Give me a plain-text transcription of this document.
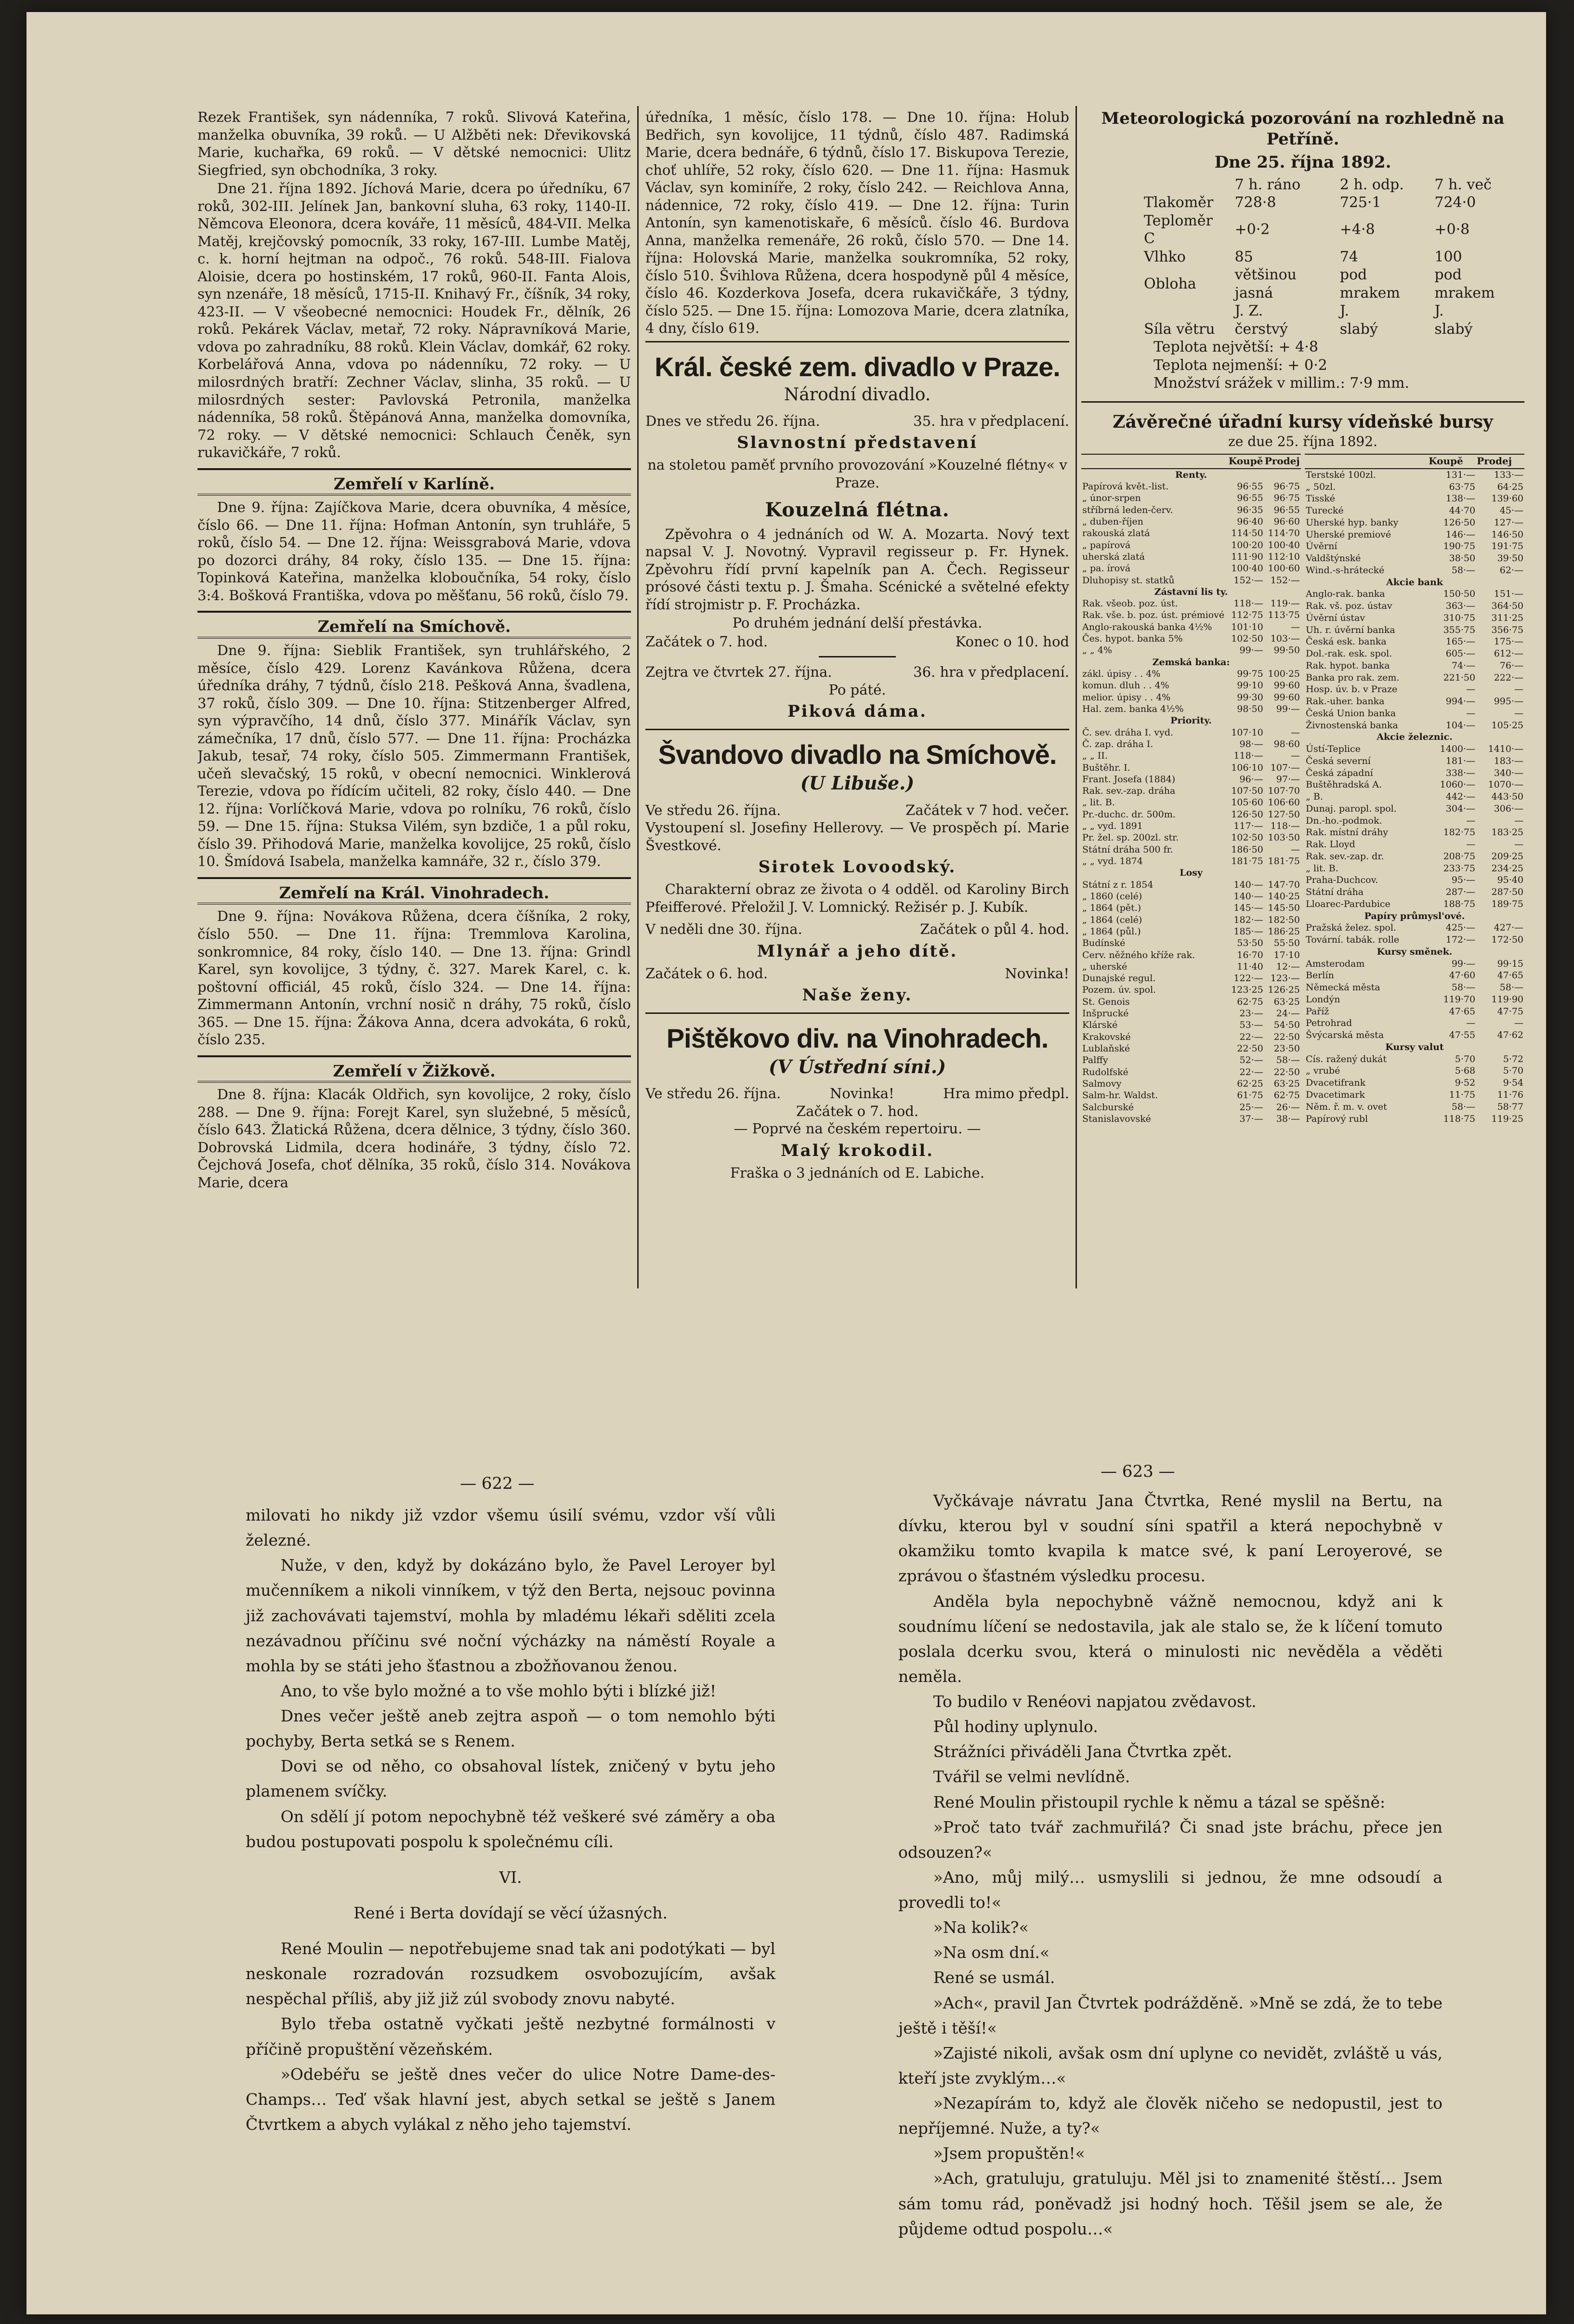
Rezek František, syn nádenníka, 7 roků. Slivová Kateřina, manželka obuvníka, 39 roků. — U Alžběti nek: Dřevikovská Marie, kuchařka, 69 roků. — V dětské nemocnici: Ulitz Siegfried, syn obchodníka, 3 roky.

Dne 21. října 1892. Jíchová Marie, dcera po úředníku, 67 roků, 302-III. Jelínek Jan, bankovní sluha, 63 roky, 1140-II. Němcova Eleonora, dcera kováře, 11 měsíců, 484-VII. Melka Matěj, krejčovský pomocník, 33 roky, 167-III. Lumbe Matěj, c. k. horní hejtman na odpoč., 76 roků. 548-III. Fialova Aloisie, dcera po hostinském, 17 roků, 960-II. Fanta Alois, syn nzenáře, 18 měsíců, 1715-II. Knihavý Fr., číšník, 34 roky, 423-II. — V všeobecné nemocnici: Houdek Fr., dělník, 26 roků. Pekárek Václav, metař, 72 roky. Nápravníková Marie, vdova po zahradníku, 88 roků. Klein Václav, domkář, 62 roky. Korbelářová Anna, vdova po nádenníku, 72 roky. — U milosrdných bratří: Zechner Václav, slinha, 35 roků. — U milosrdných sester: Pavlovská Petronila, manželka nádenníka, 58 roků. Štěpánová Anna, manželka domovníka, 72 roky. — V dětské nemocnici: Schlauch Čeněk, syn rukavičkáře, 7 roků.

Zemřelí v Karlíně.

Dne 9. října: Zajíčkova Marie, dcera obuvníka, 4 měsíce, číslo 66. — Dne 11. října: Hofman Antonín, syn truhláře, 5 roků, číslo 54. — Dne 12. října: Weissgrabová Marie, vdova po dozorci dráhy, 84 roky, číslo 135. — Dne 15. října: Topinková Kateřina, manželka kloboučníka, 54 roky, číslo 3:4. Bošková Františka, vdova po měšťanu, 56 roků, číslo 79.

Zemřelí na Smíchově.

Dne 9. října: Sieblik František, syn truhlářského, 2 měsíce, číslo 429. Lorenz Kavánkova Růžena, dcera úředníka dráhy, 7 týdnů, číslo 218. Pešková Anna, švadlena, 37 roků, číslo 309. — Dne 10. října: Stitzenberger Alfred, syn výpravčího, 14 dnů, číslo 377. Minářík Václav, syn zámečníka, 17 dnů, číslo 577. — Dne 11. října: Procházka Jakub, tesař, 74 roky, číslo 505. Zimmermann František, učeň slevačský, 15 roků, v obecní nemocnici. Winklerová Terezie, vdova po řídícím učiteli, 82 roky, číslo 440. — Dne 12. října: Vorlíčková Marie, vdova po rolníku, 76 roků, číslo 59. — Dne 15. října: Stuksa Vilém, syn bzdiče, 1 a půl roku, číslo 39. Přihodová Marie, manželka kovolijce, 25 roků, číslo 10. Šmídová Isabela, manželka kamnáře, 32 r., číslo 379.

Zemřelí na Král. Vinohradech.

Dne 9. října: Novákova Růžena, dcera číšníka, 2 roky, číslo 550. — Dne 11. října: Tremmlova Karolina, sonkromnice, 84 roky, číslo 140. — Dne 13. října: Grindl Karel, syn kovolijce, 3 týdny, č. 327. Marek Karel, c. k. poštovní officiál, 45 roků, číslo 324. — Dne 14. října: Zimmermann Antonín, vrchní nosič n dráhy, 75 roků, číslo 365. — Dne 15. října: Žákova Anna, dcera advokáta, 6 roků, číslo 235.

Zemřelí v Žižkově.

Dne 8. října: Klacák Oldřich, syn kovolijce, 2 roky, číslo 288. — Dne 9. října: Forejt Karel, syn služebné, 5 měsíců, číslo 643. Žlatická Růžena, dcera dělnice, 3 týdny, číslo 360. Dobrovská Lidmila, dcera hodináře, 3 týdny, číslo 72. Čejchová Josefa, choť dělníka, 35 roků, číslo 314. Novákova Marie, dcera

úředníka, 1 měsíc, číslo 178. — Dne 10. října: Holub Bedřich, syn kovolijce, 11 týdnů, číslo 487. Radimská Marie, dcera bednáře, 6 týdnů, číslo 17. Biskupova Terezie, choť uhlíře, 52 roky, číslo 620. — Dne 11. října: Hasmuk Václav, syn kominíře, 2 roky, číslo 242. — Reichlova Anna, nádennice, 72 roky, číslo 419. — Dne 12. října: Turin Antonín, syn kamenotiskaře, 6 měsíců. číslo 46. Burdova Anna, manželka remenáře, 26 roků, číslo 570. — Dne 14. října: Holovská Marie, manželka soukromníka, 52 roky, číslo 510. Švihlova Růžena, dcera hospodyně půl 4 měsíce, číslo 46. Kozderkova Josefa, dcera rukavičkáře, 3 týdny, číslo 525. — Dne 15. října: Lomozova Marie, dcera zlatníka, 4 dny, číslo 619.

Král. české zem. divadlo v Praze.
Národní divadlo.
Dnes ve středu 26. října.	35. hra v předplacení.
Slavnostní představení

na stoletou paměť prvního provozování »Kouzelné flétny« v Praze.

Kouzelná flétna.

Zpěvohra o 4 jednáních od W. A. Mozarta. Nový text napsal V. J. Novotný. Vypravil regisseur p. Fr. Hynek. Zpěvohru řídí první kapelník pan A. Čech. Regisseur prósové části textu p. J. Šmaha. Scénické a světelné efekty řídí strojmistr p. F. Procházka.

Po druhém jednání delší přestávka.

Začátek o 7. hod.	Konec o 10. hod
Zejtra ve čtvrtek 27. října.	36. hra v předplacení.
Po páté.
Piková dáma.
Švandovo divadlo na Smíchově.
(U Libuše.)
Ve středu 26. října.	Začátek v 7 hod. večer.

Vystoupení sl. Josefiny Hellerovy. — Ve prospěch pí. Marie Švestkové.

Sirotek Lovoodský.

Charakterní obraz ze života o 4 odděl. od Karoliny Birch Pfeifferové. Přeložil J. V. Lomnický. Režisér p. J. Kubík.

V neděli dne 30. října.	Začátek o půl 4. hod.
Mlynář a jeho dítě.
Začátek o 6. hod.	Novinka!
Naše ženy.
Pištěkovo div. na Vinohradech.
(V Ústřední síni.)
Ve středu 26. října.	Novinka!	Hra mimo předpl.
Začátek o 7. hod.
— Poprvé na českém repertoiru. —
Malý krokodil.
Fraška o 3 jednáních od E. Labiche.
Meteorologická pozorování na rozhledně na Petříně.
Dne 25. října 1892.
	7 h. ráno	2 h. odp.	7 h. več
Tlakoměr	728·8	725·1	724·0
Teploměr C	+0·2	+4·8	+0·8
Vlhko	85	74	100
Obloha	většinou jasná	pod mrakem	pod mrakem
	J. Z.	J.	J.
Síla větru	čerstvý	slabý	slabý
Teplota největší: + 4·8
Teplota nejmenší: + 0·2
Množství srážek v millim.: 7·9 mm.
Závěrečné úřadní kursy vídeňské bursy
ze due 25. října 1892.
	Koupě	Prodej
Renty.		
Papírová květ.-list.	96·55	96·75
„ únor-srpen	96·55	96·75
stříbrná leden-červ.	96·35	96·55
„ duben-říjen	96·40	96·60
rakouská zlatá	114·50	114·70
„ papírová	100·20	100·40
uherská zlatá	111·90	112·10
„ pa. írová	100·40	100·60
Dluhopisy st. statků	152·—	152·—
Zástavní lis ty.		
Rak. všeob. poz. úst.	118·—	119·—
Rak. vše. b. poz. úst. prémiové	112·75	113·75
Anglo-rakouská banka 4½%	101·10	—
Čes. hypot. banka 5%	102·50	103·—
„ „ 4%	99·—	99·50
Zemská banka:		
zákl. úpisy . . 4%	99·75	100·25
komun. dluh . . 4%	99·10	99·60
melior. úpisy . . 4%	99·30	99·60
Hal. zem. banka 4½%	98·50	99·—
Priority.		
Č. sev. dráha I. vyd.	107·10	—
Č. zap. dráha I.	98·—	98·60
„ „ II.	118·—	—
Buštěhr. I.	106·10	107·—
Frant. Josefa (1884)	96·—	97·—
Rak. sev.-zap. dráha	107·50	107·70
„ lit. B.	105·60	106·60
Pr.-duchc. dr. 500m.	126·50	127·50
„ „ vyd. 1891	117·—	118·—
Pr. žel. sp. 200zl. str.	102·50	103·50
Státní dráha 500 fr.	186·50	—
„ „ vyd. 1874	181·75	181·75
Losy		
Státní z r. 1854	140·—	147·70
„ 1860 (celé)	140·—	140·25
„ 1864 (pět.)	145·—	145·50
„ 1864 (celé)	182·—	182·50
„ 1864 (půl.)	185·—	186·25
Budínské	53·50	55·50
Cerv. něžného kříže rak.	16·70	17·10
„ uherské	11·40	12·—
Dunajské regul.	122·—	123·—
Pozem. úv. spol.	123·25	126·25
St. Genois	62·75	63·25
Inšprucké	23·—	24·—
Klárské	53·—	54·50
Krakovské	22·—	22·50
Lublaňské	22·50	23·50
Palffy	52·—	58·—
Rudolfské	22·—	22·50
Salmovy	62·25	63·25
Salm-hr. Waldst.	61·75	62·75
Salcburské	25·—	26·—
Stanislavovské	37·—	38·—
	Koupě	Prodej
Terstské 100zl.	131·—	133·—
„ 50zl.	63·75	64·25
Tisské	138·—	139·60
Turecké	44·70	45·—
Uherské hyp. banky	126·50	127·—
Uherské premiové	146·—	146·50
Úvěrní	190·75	191·75
Valdštýnské	38·50	39·50
Wind.-s-hrátecké	58·—	62·—
Akcie bank		
Anglo-rak. banka	150·50	151·—
Rak. vš. poz. ústav	363·—	364·50
Úvěrní ústav	310·75	311·25
Uh. r. úvěrní banka	355·75	356·75
Česká esk. banka	165·—	175·—
Dol.-rak. esk. spol.	605·—	612·—
Rak. hypot. banka	74·—	76·—
Banka pro rak. zem.	221·50	222·—
Hosp. úv. b. v Praze	—	—
Rak.-uher. banka	994·—	995·—
Česká Union banka	—	—
Živnostenská banka	104·—	105·25
Akcie železnic.		
Ústí-Teplice	1400·—	1410·—
Česká severní	181·—	183·—
Česká západní	338·—	340·—
Buštěhradská A.	1060·—	1070·—
„ B.	442·—	443·50
Dunaj. paropl. spol.	304·—	306·—
Dn.-ho.-podmok.	—	—
Rak. místní dráhy	182·75	183·25
Rak. Lloyd	—	—
Rak. sev.-zap. dr.	208·75	209·25
„ lit. B.	233·75	234·25
Praha-Duchcov.	95·—	95·40
Státní dráha	287·—	287·50
Lloarec-Pardubice	188·75	189·75
Papíry průmysl'ové.		
Pražská želez. spol.	425·—	427·—
Tovární. tabák. rolle	172·—	172·50
Kursy směnek.		
Amsterodam	99·—	99·15
Berlín	47·60	47·65
Německá města	58·—	58·—
Londýn	119·70	119·90
Paříž	47·65	47·75
Petrohrad	—	—
Švýcarská města	47·55	47·62
Kursy valut		
Cís. ražený dukát	5·70	5·72
„ vrubé	5·68	5·70
Dvacetifrank	9·52	9·54
Dvacetimark	11·75	11·76
Něm. ř. m. v. ovet	58·—	58·77
Papírový rubl	118·75	119·25
— 622 —
— 623 —

milovati ho nikdy již vzdor všemu úsilí svému, vzdor vší vůli železné.

Nuže, v den, když by dokázáno bylo, že Pavel Leroyer byl mučenníkem a nikoli vinníkem, v týž den Berta, nejsouc povinna již zachovávati tajemství, mohla by mladému lékaři sděliti zcela nezávadnou příčinu své noční výcházky na náměstí Royale a mohla by se státi jeho šťastnou a zbožňovanou ženou.

Ano, to vše bylo možné a to vše mohlo býti i blízké již!

Dnes večer ještě aneb zejtra aspoň — o tom nemohlo býti pochyby, Berta setká se s Renem.

Dovi se od něho, co obsahoval lístek, zničený v bytu jeho plamenem svíčky.

On sdělí jí potom nepochybně též veškeré své záměry a oba budou postupovati pospolu k společnému cíli.

VI.

René i Berta dovídají se věcí úžasných.

René Moulin — nepotřebujeme snad tak ani podotýkati — byl neskonale rozradován rozsudkem osvobozujícím, avšak nespěchal příliš, aby již již zúl svobody znovu nabyté.

Bylo třeba ostatně vyčkati ještě nezbytné formálnosti v příčině propuštění vězeňském.

»Odebéřu se ještě dnes večer do ulice Notre Dame-des-Champs… Teď však hlavní jest, abych setkal se ještě s Janem Čtvrtkem a abych vylákal z něho jeho tajemství.

Vyčkávaje návratu Jana Čtvrtka, René myslil na Bertu, na dívku, kterou byl v soudní síni spatřil a která nepochybně v okamžiku tomto kvapila k matce své, k paní Leroyerové, se zprávou o šťastném výsledku procesu.

Anděla byla nepochybně vážně nemocnou, když ani k soudnímu líčení se nedostavila, jak ale stalo se, že k líčení tomuto poslala dcerku svou, která o minulosti nic nevěděla a věděti neměla.

To budilo v Renéovi napjatou zvědavost.

Půl hodiny uplynulo.

Strážníci přiváděli Jana Čtvrtka zpět.

Tvářil se velmi nevlídně.

René Moulin přistoupil rychle k němu a tázal se spěšně:

»Proč tato tvář zachmuřilá? Či snad jste bráchu, přece jen odsouzen?«

»Ano, můj milý… usmyslili si jednou, že mne odsoudí a provedli to!«

»Na kolik?«

»Na osm dní.«

René se usmál.

»Ach«, pravil Jan Čtvrtek podrážděně. »Mně se zdá, že to tebe ještě i těší!«

»Zajisté nikoli, avšak osm dní uplyne co nevidět, zvláště u vás, kteří jste zvyklým…«

»Nezapírám to, když ale člověk ničeho se nedopustil, jest to nepříjemné. Nuže, a ty?«

»Jsem propuštěn!«

»Ach, gratuluju, gratuluju. Měl jsi to znamenité štěstí… Jsem sám tomu rád, poněvadž jsi hodný hoch. Těšil jsem se ale, že půjdeme odtud pospolu…«
